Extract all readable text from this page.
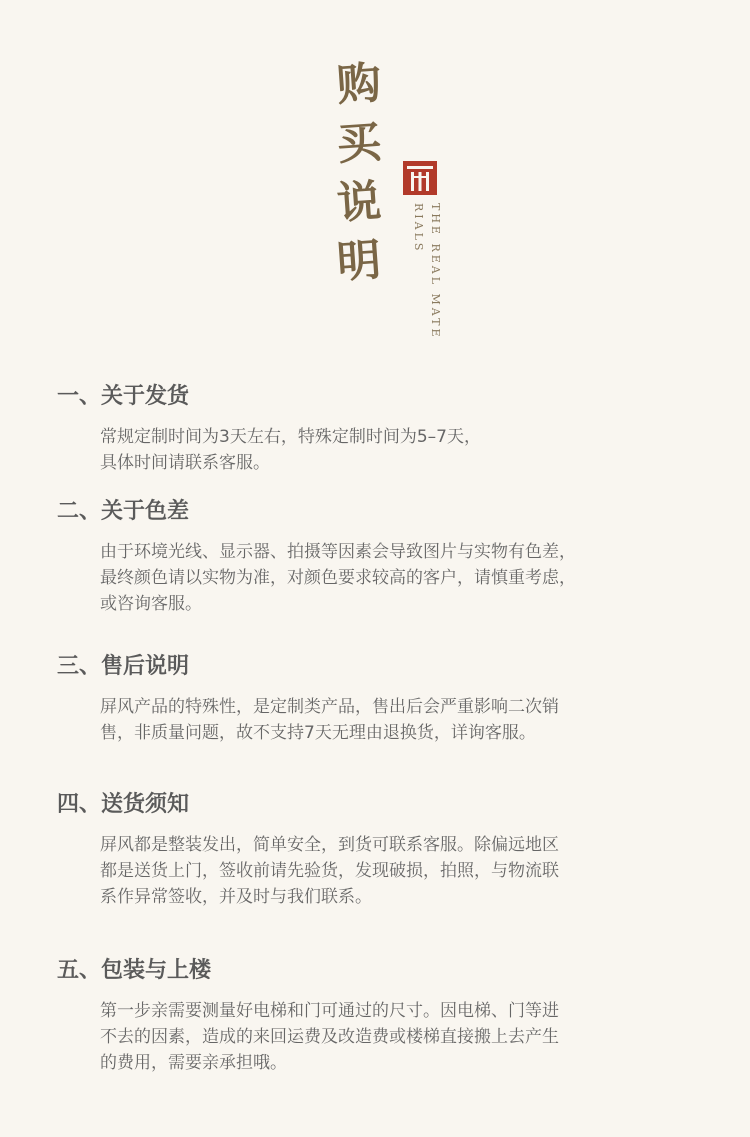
购
买
说
明	THE REAL MATE
RIALS
一、关于发货
常规定制时间为3天左右，特殊定制时间为5–7天，
具体时间请联系客服。
二、关于色差
由于环境光线、显示器、拍摄等因素会导致图片与实物有色差，
最终颜色请以实物为准，对颜色要求较高的客户，请慎重考虑，
或咨询客服。
三、售后说明
屏风产品的特殊性，是定制类产品，售出后会严重影响二次销
售，非质量问题，故不支持7天无理由退换货，详询客服。
四、送货须知
屏风都是整装发出，简单安全，到货可联系客服。除偏远地区
都是送货上门，签收前请先验货，发现破损，拍照，与物流联
系作异常签收，并及时与我们联系。
五、包装与上楼
第一步亲需要测量好电梯和门可通过的尺寸。因电梯、门等进
不去的因素，造成的来回运费及改造费或楼梯直接搬上去产生
的费用，需要亲承担哦。
